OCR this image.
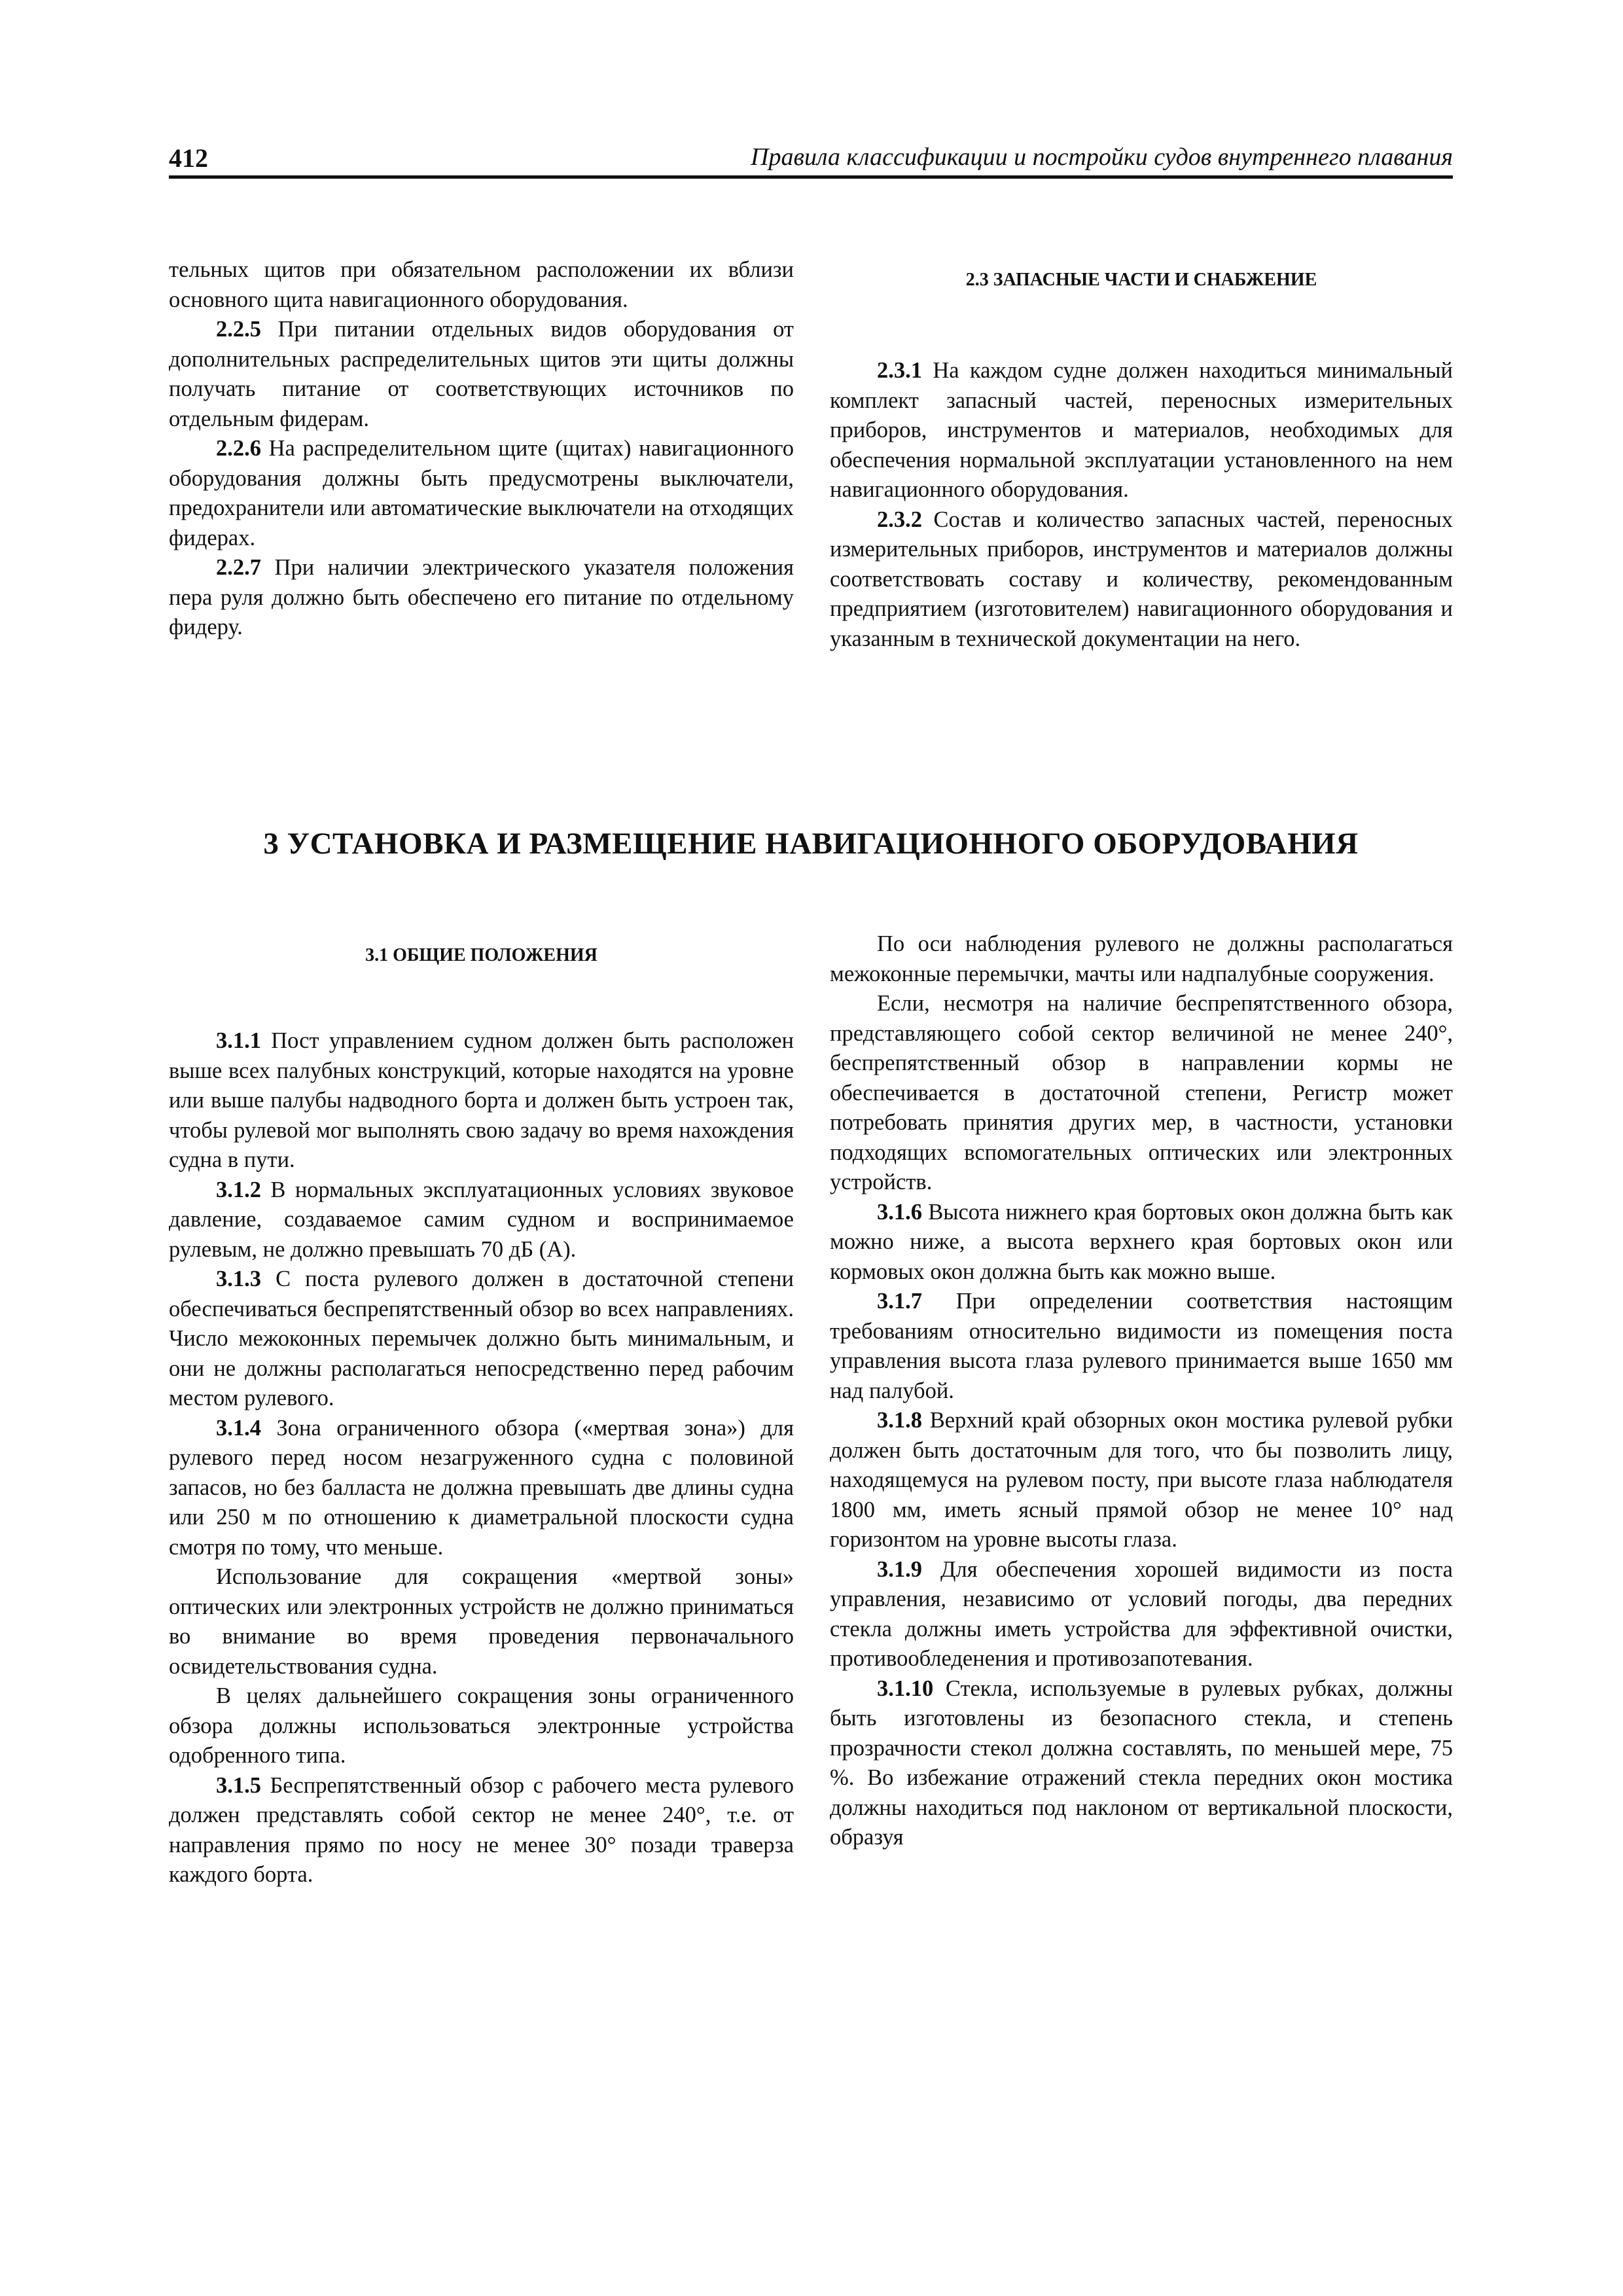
412	Правила классификации и постройки судов внутреннего плавания

тельных щитов при обязательном расположении их вблизи основного щита навигационного оборудования.

2.2.5 При питании отдельных видов оборудования от дополнительных распределительных щитов эти щиты должны получать питание от соответствующих источников по отдельным фидерам.

2.2.6 На распределительном щите (щитах) навигационного оборудования должны быть предусмотрены выключатели, предохранители или автоматические выключатели на отходящих фидерах.

2.2.7 При наличии электрического указателя положения пера руля должно быть обеспечено его питание по отдельному фидеру.

2.3 ЗАПАСНЫЕ ЧАСТИ И СНАБЖЕНИЕ

2.3.1 На каждом судне должен находиться минимальный комплект запасный частей, переносных измерительных приборов, инструментов и материалов, необходимых для обеспечения нормальной эксплуатации установленного на нем навигационного оборудования.

2.3.2 Состав и количество запасных частей, переносных измерительных приборов, инструментов и материалов должны соответствовать составу и количеству, рекомендованным предприятием (изготовителем) навигационного оборудования и указанным в технической документации на него.

3 УСТАНОВКА И РАЗМЕЩЕНИЕ НАВИГАЦИОННОГО ОБОРУДОВАНИЯ
3.1 ОБЩИЕ ПОЛОЖЕНИЯ

3.1.1 Пост управлением судном должен быть расположен выше всех палубных конструкций, которые находятся на уровне или выше палубы надводного борта и должен быть устроен так, чтобы рулевой мог выполнять свою задачу во время нахождения судна в пути.

3.1.2 В нормальных эксплуатационных условиях звуковое давление, создаваемое самим судном и воспринимаемое рулевым, не должно превышать 70 дБ (А).

3.1.3 С поста рулевого должен в достаточной степени обеспечиваться беспрепятственный обзор во всех направлениях. Число межоконных перемычек должно быть минимальным, и они не должны располагаться непосредственно перед рабочим местом рулевого.

3.1.4 Зона ограниченного обзора («мертвая зона») для рулевого перед носом незагруженного судна с половиной запасов, но без балласта не должна превышать две длины судна или 250 м по отношению к диаметральной плоскости судна смотря по тому, что меньше.

Использование для сокращения «мертвой зоны» оптических или электронных устройств не должно приниматься во внимание во время проведения первоначального освидетельствования судна.

В целях дальнейшего сокращения зоны ограниченного обзора должны использоваться электронные устройства одобренного типа.

3.1.5 Беспрепятственный обзор с рабочего места рулевого должен представлять собой сектор не менее 240°, т.е. от направления прямо по носу не менее 30° позади траверза каждого борта.

По оси наблюдения рулевого не должны располагаться межоконные перемычки, мачты или надпалубные сооружения.

Если, несмотря на наличие беспрепятственного обзора, представляющего собой сектор величиной не менее 240°, беспрепятственный обзор в направлении кормы не обеспечивается в достаточной степени, Регистр может потребовать принятия других мер, в частности, установки подходящих вспомогательных оптических или электронных устройств.

3.1.6 Высота нижнего края бортовых окон должна быть как можно ниже, а высота верхнего края бортовых окон или кормовых окон должна быть как можно выше.

3.1.7 При определении соответствия настоящим требованиям относительно видимости из помещения поста управления высота глаза рулевого принимается выше 1650 мм над палубой.

3.1.8 Верхний край обзорных окон мостика рулевой рубки должен быть достаточным для того, что бы позволить лицу, находящемуся на рулевом посту, при высоте глаза наблюдателя 1800 мм, иметь ясный прямой обзор не менее 10° над горизонтом на уровне высоты глаза.

3.1.9 Для обеспечения хорошей видимости из поста управления, независимо от условий погоды, два передних стекла должны иметь устройства для эффективной очистки, противообледенения и противозапотевания.

3.1.10 Стекла, используемые в рулевых рубках, должны быть изготовлены из безопасного стекла, и степень прозрачности стекол должна составлять, по меньшей мере, 75 %. Во избежание отражений стекла передних окон мостика должны находиться под наклоном от вертикальной плоскости, образуя
